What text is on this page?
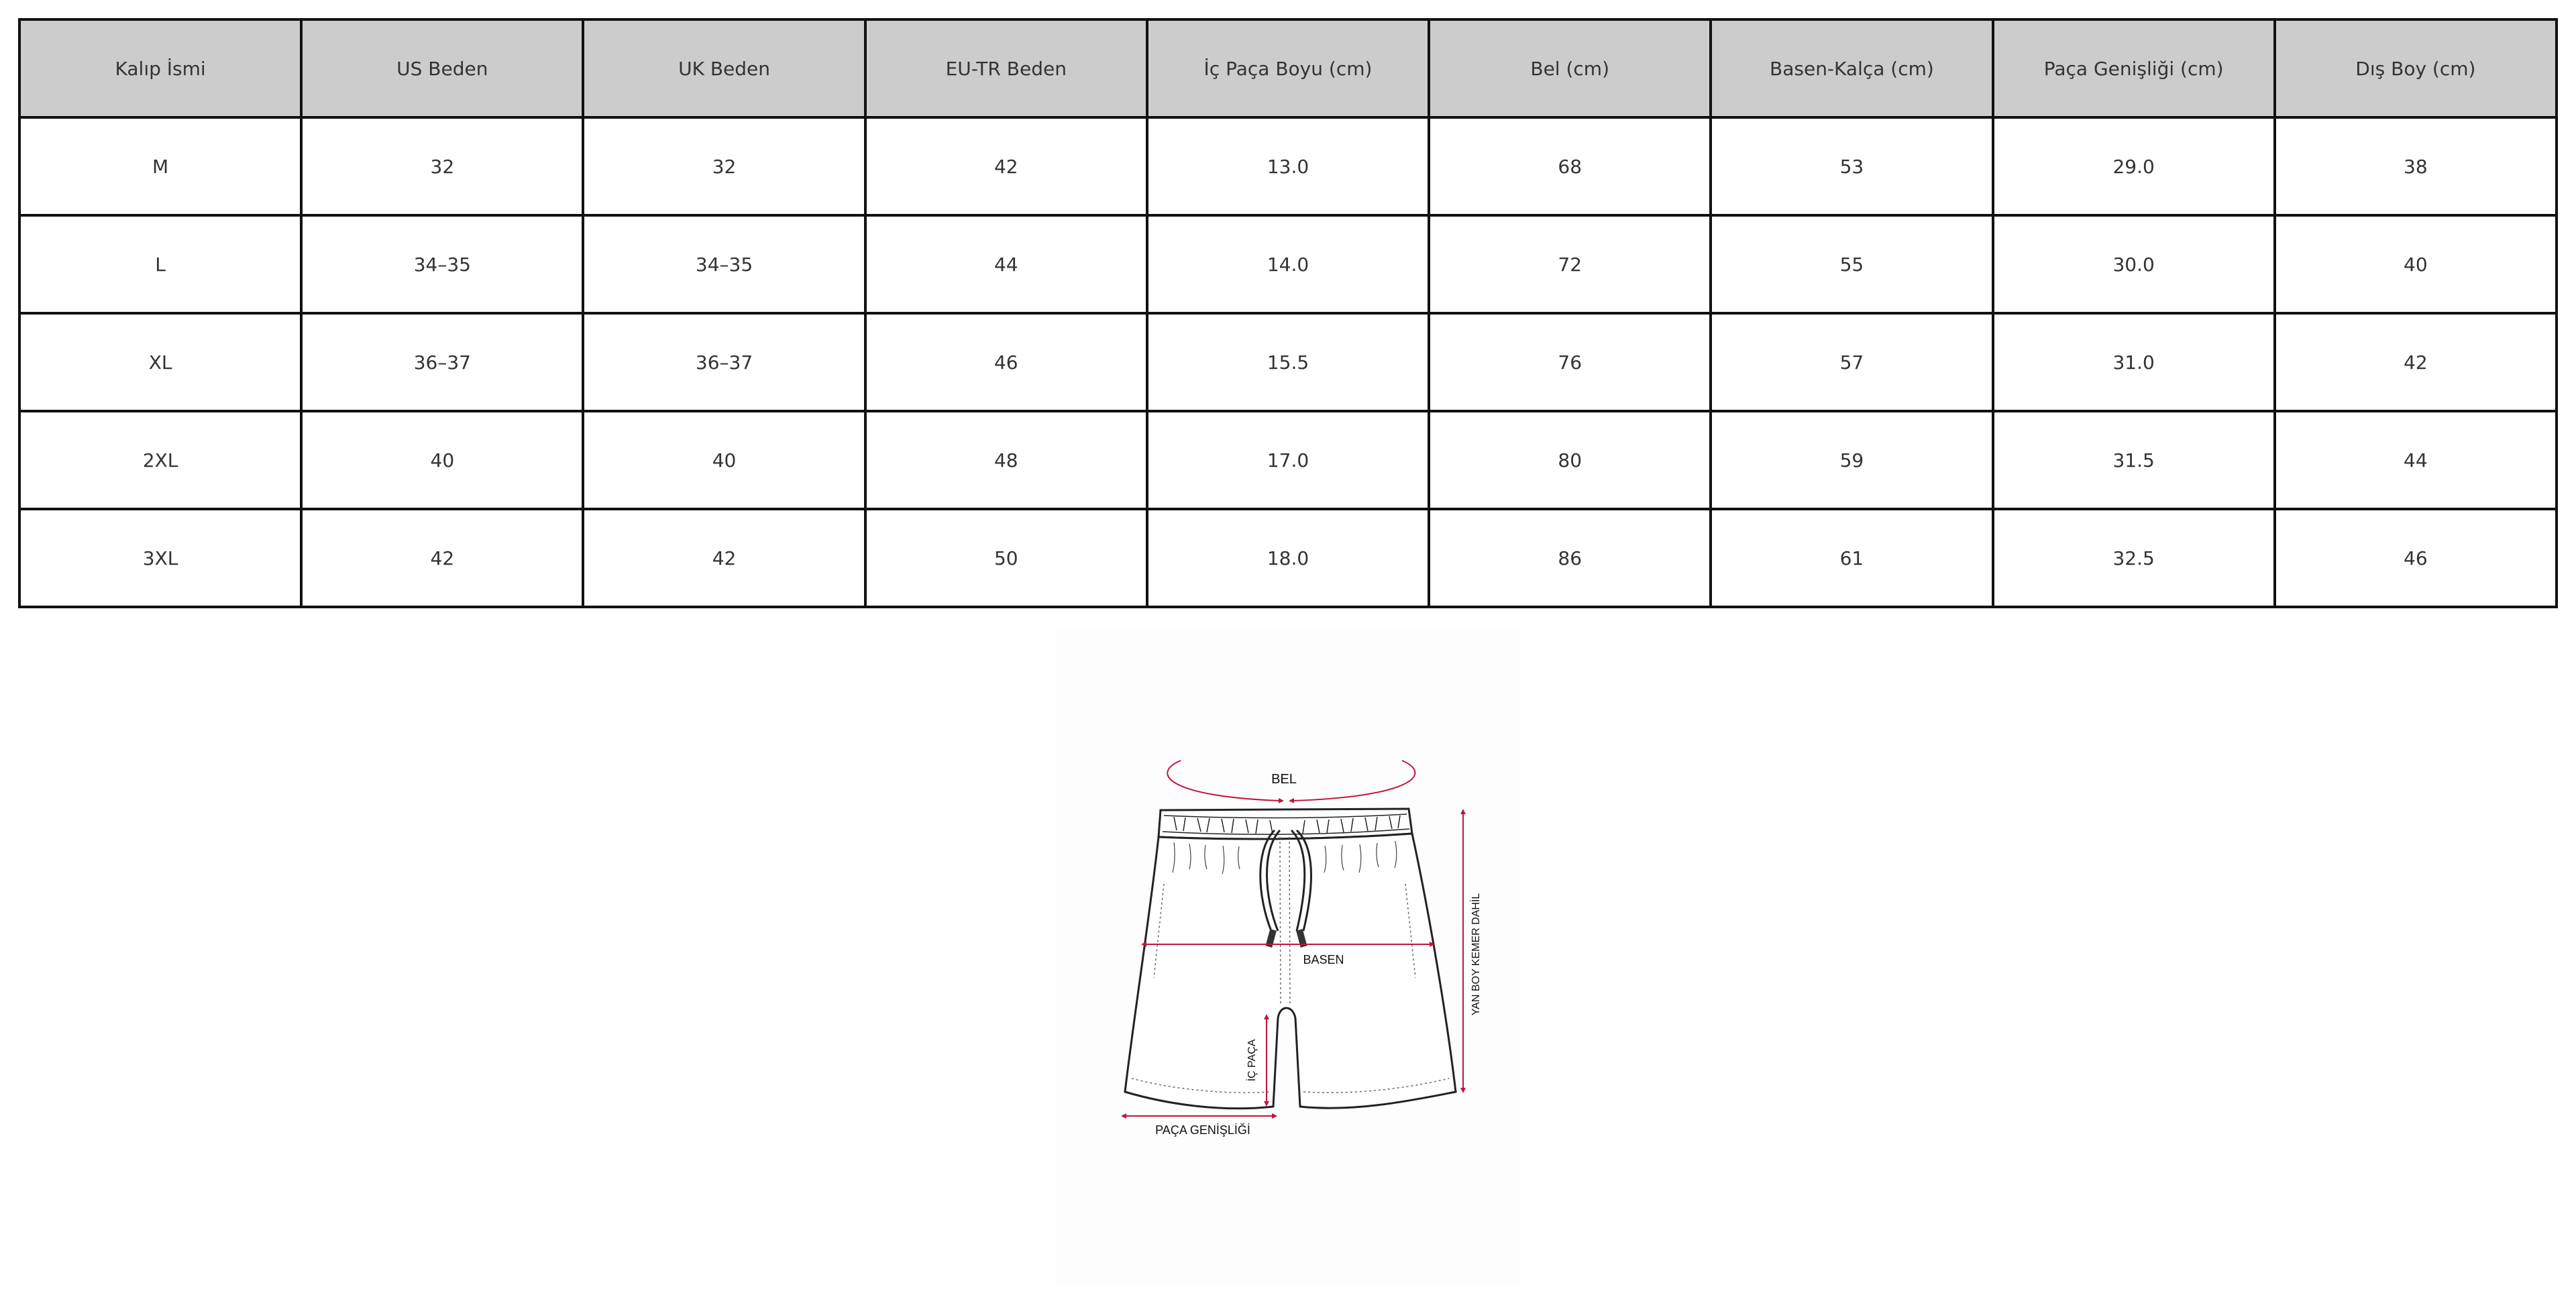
Kalıp İsmi	US Beden	UK Beden	EU-TR Beden	İç Paça Boyu (cm)	Bel (cm)	Basen-Kalça (cm)	Paça Genişliği (cm)	Dış Boy (cm)
M	32	32	42	13.0	68	53	29.0	38
L	34–35	34–35	44	14.0	72	55	30.0	40
XL	36–37	36–37	46	15.5	76	57	31.0	42
2XL	40	40	48	17.0	80	59	31.5	44
3XL	42	42	50	18.0	86	61	32.5	46
BEL
BASEN	YAN BOY KEMER DAHİL
İÇ PAÇA
PAÇA GENİŞLİĞİ
